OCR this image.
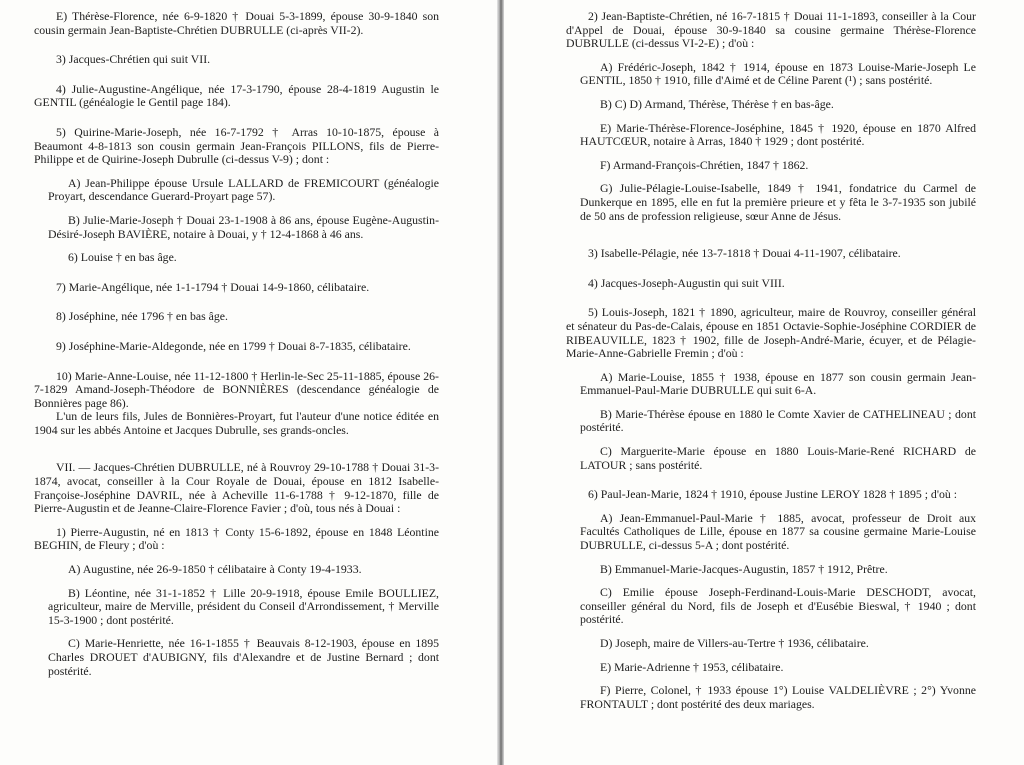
E) Thérèse-Florence, née 6-9-1820 † Douai 5-3-1899, épouse 30-9-1840 son cousin germain Jean-Baptiste-Chrétien DUBRULLE (ci-après VII-2).

3) Jacques-Chrétien qui suit VII.

4) Julie-Augustine-Angélique, née 17-3-1790, épouse 28-4-1819 Augustin le GENTIL (généalogie le Gentil page 184).

5) Quirine-Marie-Joseph, née 16-7-1792 † Arras 10-10-1875, épouse à Beaumont 4-8-1813 son cousin germain Jean-François PILLONS, fils de Pierre-Philippe et de Quirine-Joseph Dubrulle (ci-dessus V-9) ; dont :

A) Jean-Philippe épouse Ursule LALLARD de FREMICOURT (généalogie Proyart, descendance Guerard-Proyart page 57).

B) Julie-Marie-Joseph † Douai 23-1-1908 à 86 ans, épouse Eugène-Augustin-Désiré-Joseph BAVIÈRE, notaire à Douai, y † 12-4-1868 à 46 ans.

6) Louise † en bas âge.

7) Marie-Angélique, née 1-1-1794 † Douai 14-9-1860, célibataire.

8) Joséphine, née 1796 † en bas âge.

9) Joséphine-Marie-Aldegonde, née en 1799 † Douai 8-7-1835, célibataire.

10) Marie-Anne-Louise, née 11-12-1800 † Herlin-le-Sec 25-11-1885, épouse 26-7-1829 Amand-Joseph-Théodore de BONNIÈRES (descendance généalogie de Bonnières page 86).

L'un de leurs fils, Jules de Bonnières-Proyart, fut l'auteur d'une notice éditée en 1904 sur les abbés Antoine et Jacques Dubrulle, ses grands-oncles.

VII. — Jacques-Chrétien DUBRULLE, né à Rouvroy 29-10-1788 † Douai 31-3-1874, avocat, conseiller à la Cour Royale de Douai, épouse en 1812 Isabelle-Françoise-Joséphine DAVRIL, née à Acheville 11-6-1788 † 9-12-1870, fille de Pierre-Augustin et de Jeanne-Claire-Florence Favier ; d'où, tous nés à Douai :

1) Pierre-Augustin, né en 1813 † Conty 15-6-1892, épouse en 1848 Léontine BEGHIN, de Fleury ; d'où :

A) Augustine, née 26-9-1850 † célibataire à Conty 19-4-1933.

B) Léontine, née 31-1-1852 † Lille 20-9-1918, épouse Emile BOULLIEZ, agriculteur, maire de Merville, président du Conseil d'Arrondissement, † Merville 15-3-1900 ; dont postérité.

C) Marie-Henriette, née 16-1-1855 † Beauvais 8-12-1903, épouse en 1895 Charles DROUET d'AUBIGNY, fils d'Alexandre et de Justine Bernard ; dont postérité.

2) Jean-Baptiste-Chrétien, né 16-7-1815 † Douai 11-1-1893, conseiller à la Cour d'Appel de Douai, épouse 30-9-1840 sa cousine germaine Thérèse-Florence DUBRULLE (ci-dessus VI-2-E) ; d'où :

A) Frédéric-Joseph, 1842 † 1914, épouse en 1873 Louise-Marie-Joseph Le GENTIL, 1850 † 1910, fille d'Aimé et de Céline Parent (¹) ; sans postérité.

B) C) D) Armand, Thérèse, Thérèse † en bas-âge.

E) Marie-Thérèse-Florence-Joséphine, 1845 † 1920, épouse en 1870 Alfred HAUTCŒUR, notaire à Arras, 1840 † 1929 ; dont postérité.

F) Armand-François-Chrétien, 1847 † 1862.

G) Julie-Pélagie-Louise-Isabelle, 1849 † 1941, fondatrice du Carmel de Dunkerque en 1895, elle en fut la première prieure et y fêta le 3-7-1935 son jubilé de 50 ans de profession religieuse, sœur Anne de Jésus.

3) Isabelle-Pélagie, née 13-7-1818 † Douai 4-11-1907, célibataire.

4) Jacques-Joseph-Augustin qui suit VIII.

5) Louis-Joseph, 1821 † 1890, agriculteur, maire de Rouvroy, conseiller général et sénateur du Pas-de-Calais, épouse en 1851 Octavie-Sophie-Joséphine CORDIER de RIBEAUVILLE, 1823 † 1902, fille de Joseph-André-Marie, écuyer, et de Pélagie-Marie-Anne-Gabrielle Fremin ; d'où :

A) Marie-Louise, 1855 † 1938, épouse en 1877 son cousin germain Jean-Emmanuel-Paul-Marie DUBRULLE qui suit 6-A.

B) Marie-Thérèse épouse en 1880 le Comte Xavier de CATHELINEAU ; dont postérité.

C) Marguerite-Marie épouse en 1880 Louis-Marie-René RICHARD de LATOUR ; sans postérité.

6) Paul-Jean-Marie, 1824 † 1910, épouse Justine LEROY 1828 † 1895 ; d'où :

A) Jean-Emmanuel-Paul-Marie † 1885, avocat, professeur de Droit aux Facultés Catholiques de Lille, épouse en 1877 sa cousine germaine Marie-Louise DUBRULLE, ci-dessus 5-A ; dont postérité.

B) Emmanuel-Marie-Jacques-Augustin, 1857 † 1912, Prêtre.

C) Emilie épouse Joseph-Ferdinand-Louis-Marie DESCHODT, avocat, conseiller général du Nord, fils de Joseph et d'Eusébie Bieswal, † 1940 ; dont postérité.

D) Joseph, maire de Villers-au-Tertre † 1936, célibataire.

E) Marie-Adrienne † 1953, célibataire.

F) Pierre, Colonel, † 1933 épouse 1°) Louise VALDELIÈVRE ; 2°) Yvonne FRONTAULT ; dont postérité des deux mariages.
